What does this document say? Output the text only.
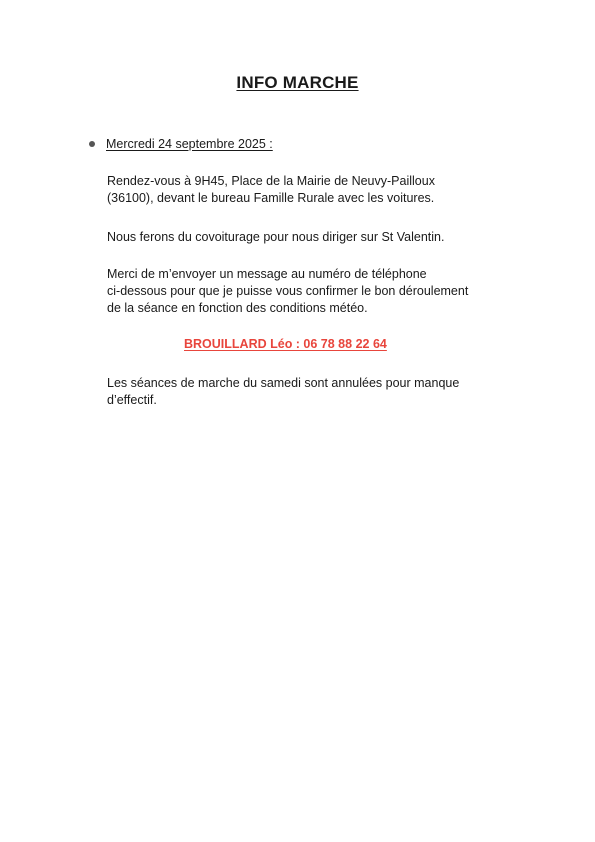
INFO MARCHE
Mercredi 24 septembre 2025 :

Rendez-vous à 9H45, Place de la Mairie de Neuvy-Pailloux
(36100), devant le bureau Famille Rurale avec les voitures.

Nous ferons du covoiturage pour nous diriger sur St Valentin.

Merci de m’envoyer un message au numéro de téléphone
ci-dessous pour que je puisse vous confirmer le bon déroulement
de la séance en fonction des conditions météo.

BROUILLARD Léo : 06 78 88 22 64

Les séances de marche du samedi sont annulées pour manque
d’effectif.
